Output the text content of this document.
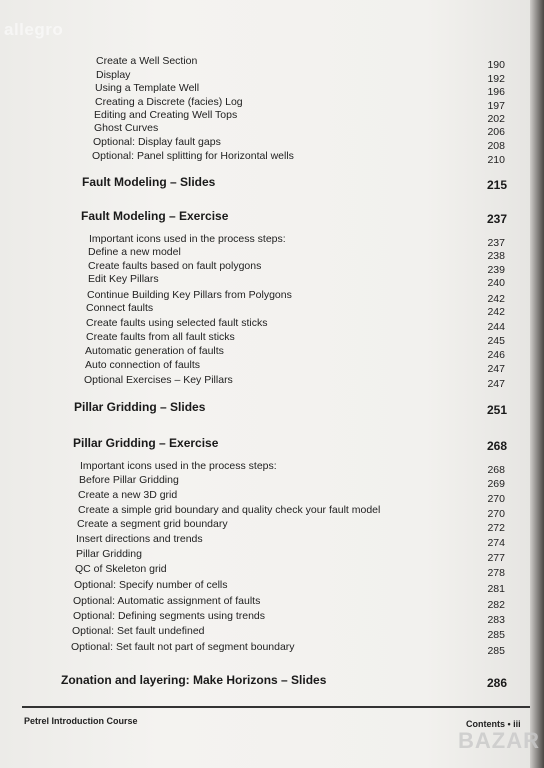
allegro
Create a Well Section	190
Display	192
Using a Template Well	196
Creating a Discrete (facies) Log	197
Editing and Creating Well Tops	202
Ghost Curves	206
Optional: Display fault gaps	208
Optional: Panel splitting for Horizontal wells	210
Fault Modeling – Slides	215
Fault Modeling – Exercise	237
Important icons used in the process steps:	237
Define a new model	238
Create faults based on fault polygons	239
Edit Key Pillars	240
Continue Building Key Pillars from Polygons	242
Connect faults	242
Create faults using selected fault sticks	244
Create faults from all fault sticks	245
Automatic generation of faults	246
Auto connection of faults	247
Optional Exercises – Key Pillars	247
Pillar Gridding – Slides	251
Pillar Gridding – Exercise	268
Important icons used in the process steps:	268
Before Pillar Gridding	269
Create a new 3D grid	270
Create a simple grid boundary and quality check your fault model	270
Create a segment grid boundary	272
Insert directions and trends	274
Pillar Gridding	277
QC of Skeleton grid	278
Optional: Specify number of cells	281
Optional: Automatic assignment of faults	282
Optional: Defining segments using trends	283
Optional: Set fault undefined	285
Optional: Set fault not part of segment boundary	285
Zonation and layering: Make Horizons – Slides	286
Petrel Introduction Course	Contents • iii
BAZAR
